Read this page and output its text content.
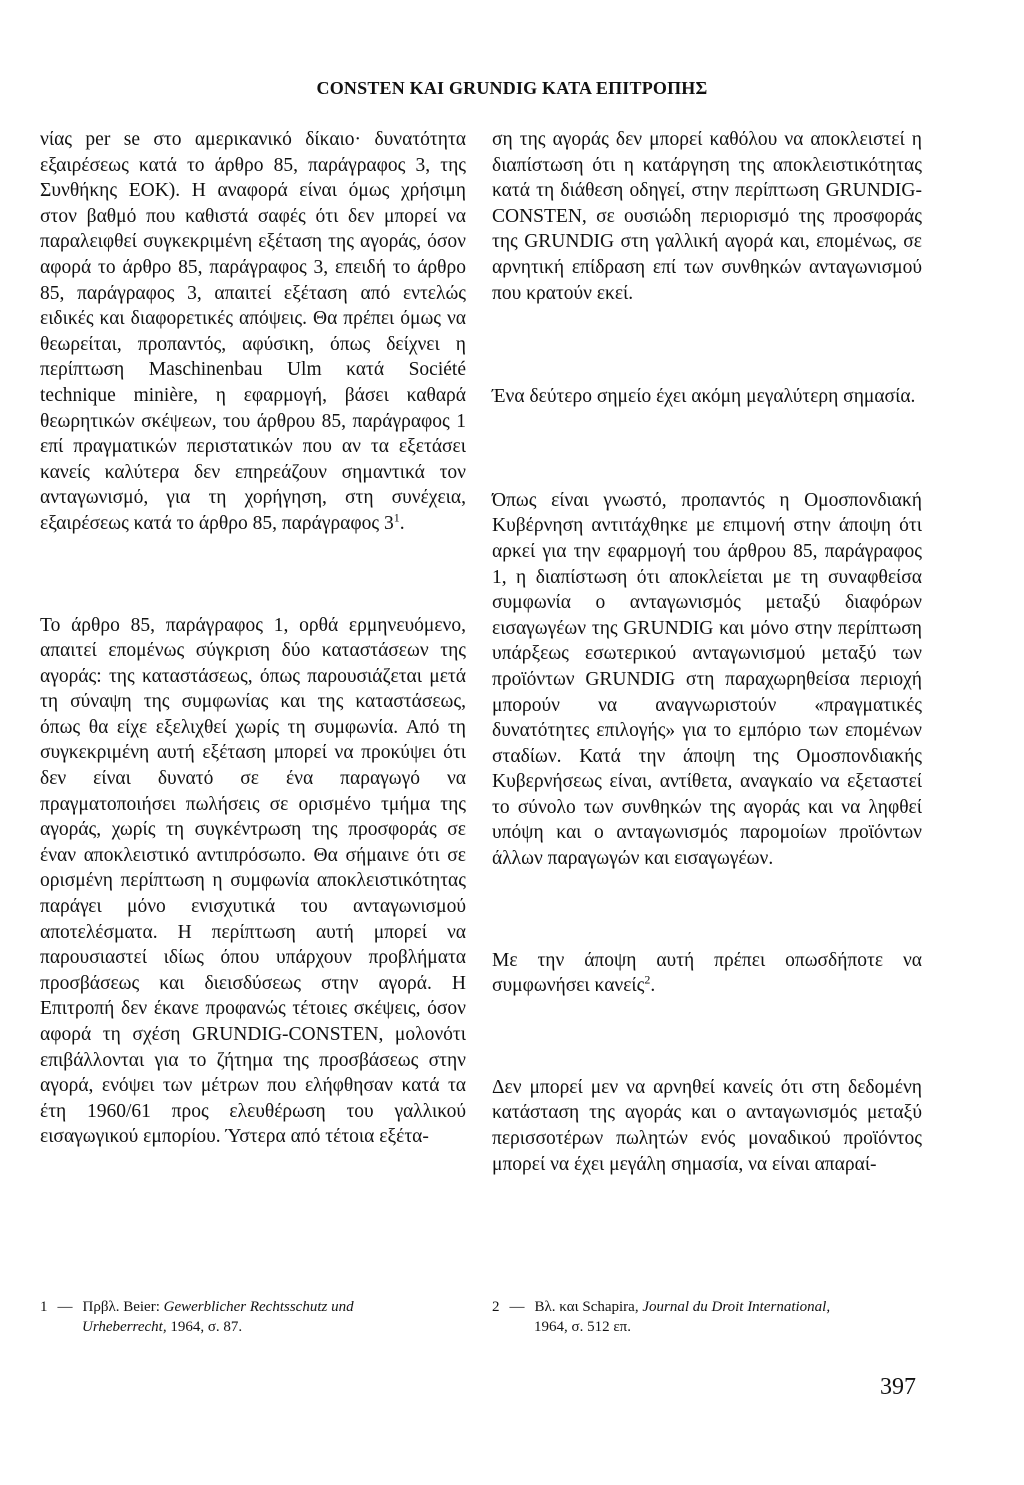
CONSTEN KAI GRUNDIG KATA ΕΠΙΤΡΟΠΗΣ

νίας per se στο αμερικανικό δίκαιο· δυνατότητα εξαιρέσεως κατά το άρθρο 85, παράγραφος 3, της Συνθήκης ΕΟΚ). Η αναφορά είναι όμως χρήσιμη στον βαθμό που καθιστά σαφές ότι δεν μπορεί να παραλειφθεί συγκεκριμένη εξέταση της αγοράς, όσον αφορά το άρθρο 85, παράγραφος 3, επειδή το άρθρο 85, παράγραφος 3, απαιτεί εξέταση από εντελώς ειδικές και διαφορετικές απόψεις. Θα πρέπει όμως να θεωρείται, προπαντός, αφύσικη, όπως δείχνει η περίπτωση Maschinenbau Ulm κατά Société technique minière, η εφαρμογή, βάσει καθαρά θεωρητικών σκέψεων, του άρθρου 85, παράγραφος 1 επί πραγματικών περιστατικών που αν τα εξετάσει κανείς καλύτερα δεν επηρεάζουν σημαντικά τον ανταγωνισμό, για τη χορήγηση, στη συνέχεια, εξαιρέσεως κατά το άρθρο 85, παράγραφος $3^1$.

Το άρθρο 85, παράγραφος 1, ορθά ερμηνευόμενο, απαιτεί επομένως σύγκριση δύο καταστάσεων της αγοράς: της καταστάσεως, όπως παρουσιάζεται μετά τη σύναψη της συμφωνίας και της καταστάσεως, όπως θα είχε εξελιχθεί χωρίς τη συμφωνία. Από τη συγκεκριμένη αυτή εξέταση μπορεί να προκύψει ότι δεν είναι δυνατό σε ένα παραγωγό να πραγματοποιήσει πωλήσεις σε ορισμένο τμήμα της αγοράς, χωρίς τη συγκέντρωση της προσφοράς σε έναν αποκλειστικό αντιπρόσωπο. Θα σήμαινε ότι σε ορισμένη περίπτωση η συμφωνία αποκλειστικότητας παράγει μόνο ενισχυτικά του ανταγωνισμού αποτελέσματα. Η περίπτωση αυτή μπορεί να παρουσιαστεί ιδίως όπου υπάρχουν προβλήματα προσβάσεως και διεισδύσεως στην αγορά. Η Επιτροπή δεν έκανε προφανώς τέτοιες σκέψεις, όσον αφορά τη σχέση GRUNDIG-CONSTEN, μολονότι επιβάλλονται για το ζήτημα της προσβάσεως στην αγορά, ενόψει των μέτρων που ελήφθησαν κατά τα έτη 1960/61 προς ελευθέρωση του γαλλικού εισαγωγικού εμπορίου. Ύστερα από τέτοια εξέτα-

ση της αγοράς δεν μπορεί καθόλου να αποκλειστεί η διαπίστωση ότι η κατάργηση της αποκλειστικότητας κατά τη διάθεση οδηγεί, στην περίπτωση GRUNDIG-CONSTEN, σε ουσιώδη περιορισμό της προσφοράς της GRUNDIG στη γαλλική αγορά και, επομένως, σε αρνητική επίδραση επί των συνθηκών ανταγωνισμού που κρατούν εκεί.

Ένα δεύτερο σημείο έχει ακόμη μεγαλύτερη σημασία.

Όπως είναι γνωστό, προπαντός η Ομοσπονδιακή Κυβέρνηση αντιτάχθηκε με επιμονή στην άποψη ότι αρκεί για την εφαρμογή του άρθρου 85, παράγραφος 1, η διαπίστωση ότι αποκλείεται με τη συναφθείσα συμφωνία ο ανταγωνισμός μεταξύ διαφόρων εισαγωγέων της GRUNDIG και μόνο στην περίπτωση υπάρξεως εσωτερικού ανταγωνισμού μεταξύ των προϊόντων GRUNDIG στη παραχωρηθείσα περιοχή μπορούν να αναγνωριστούν «πραγματικές δυνατότητες επιλογής» για το εμπόριο των επομένων σταδίων. Κατά την άποψη της Ομοσπονδιακής Κυβερνήσεως είναι, αντίθετα, αναγκαίο να εξεταστεί το σύνολο των συνθηκών της αγοράς και να ληφθεί υπόψη και ο ανταγωνισμός παρομοίων προϊόντων άλλων παραγωγών και εισαγωγέων.

Με την άποψη αυτή πρέπει οπωσδήποτε να συμφωνήσει κανείς$^2$.

Δεν μπορεί μεν να αρνηθεί κανείς ότι στη δεδομένη κατάσταση της αγοράς και ο ανταγωνισμός μεταξύ περισσοτέρων πωλητών ενός μοναδικού προϊόντος μπορεί να έχει μεγάλη σημασία, να είναι απαραί-

1 — Πρβλ. Beier: Gewerblicher Rechtsschutz und
Urheberrecht, 1964, σ. 87.

2 — Βλ. και Schapira, Journal du Droit International,
1964, σ. 512 επ.

397
